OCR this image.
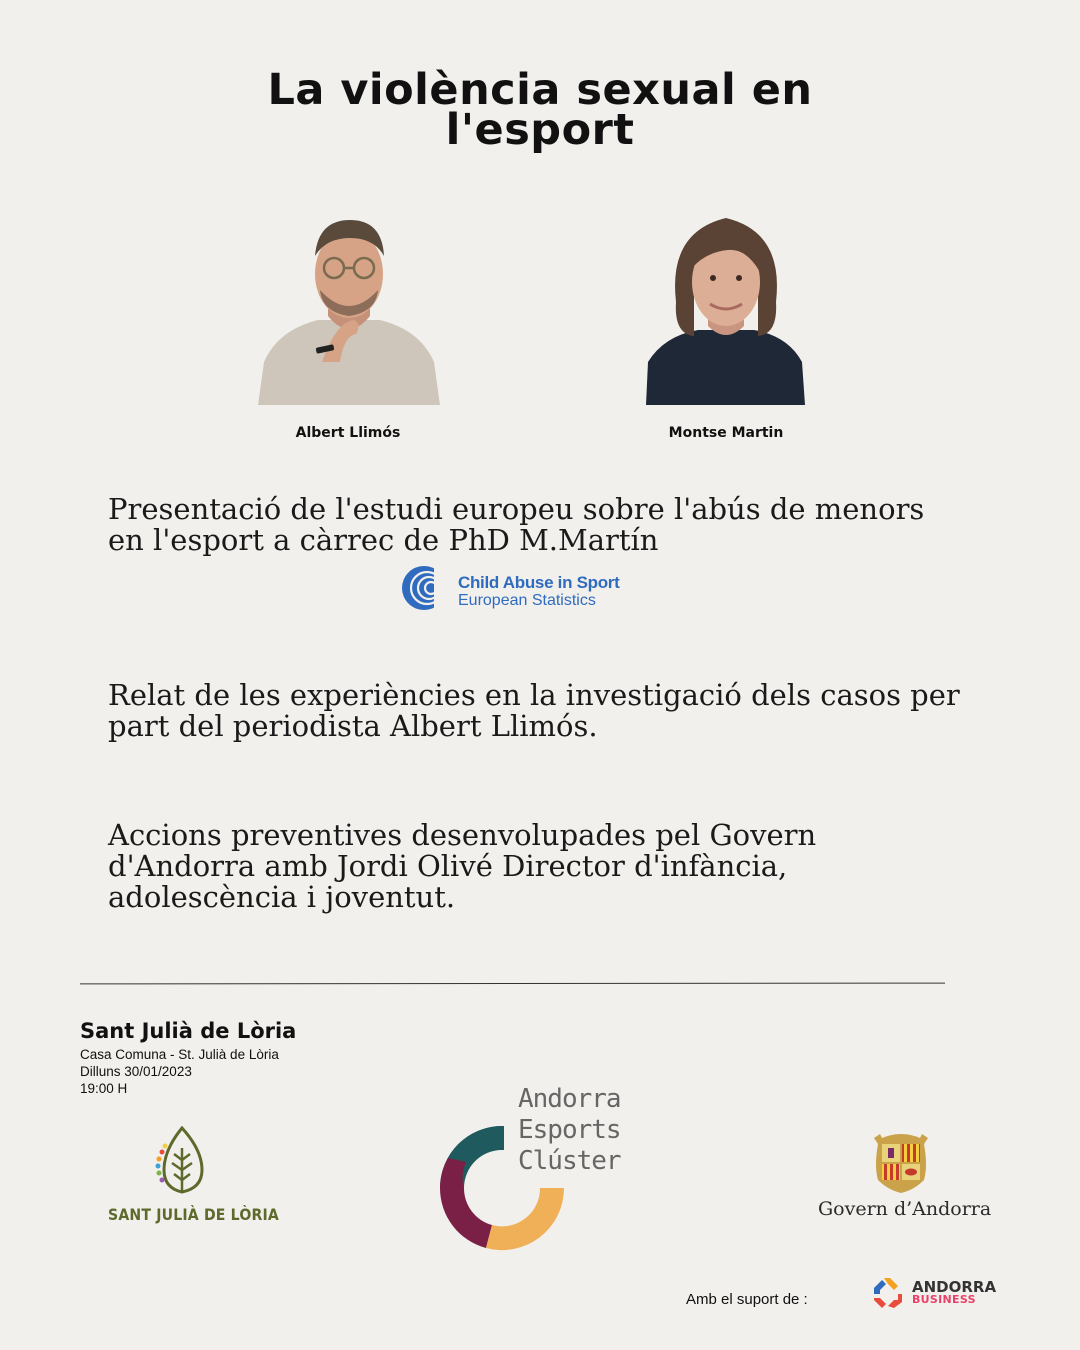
La violència sexual en
l'esport
Albert Llimós	Montse Martin
Presentació de l'estudi europeu sobre l'abús de menors
en l'esport a càrrec de PhD M.Martín
Child Abuse in Sport
European Statistics
Relat de les experiències en la investigació dels casos per
part del periodista Albert Llimós.
Accions preventives desenvolupades pel Govern
d'Andorra amb Jordi Olivé Director d'infància,
adolescència i joventut.
Sant Julià de Lòria
Casa Comuna - St. Julià de Lòria
Dilluns 30/01/2023
19:00 H
SANT JULIÀ DE LÒRIA
Andorra
Esports
Clúster
Govern d’Andorra
Amb el suport de :
ANDORRA
BUSINESS
